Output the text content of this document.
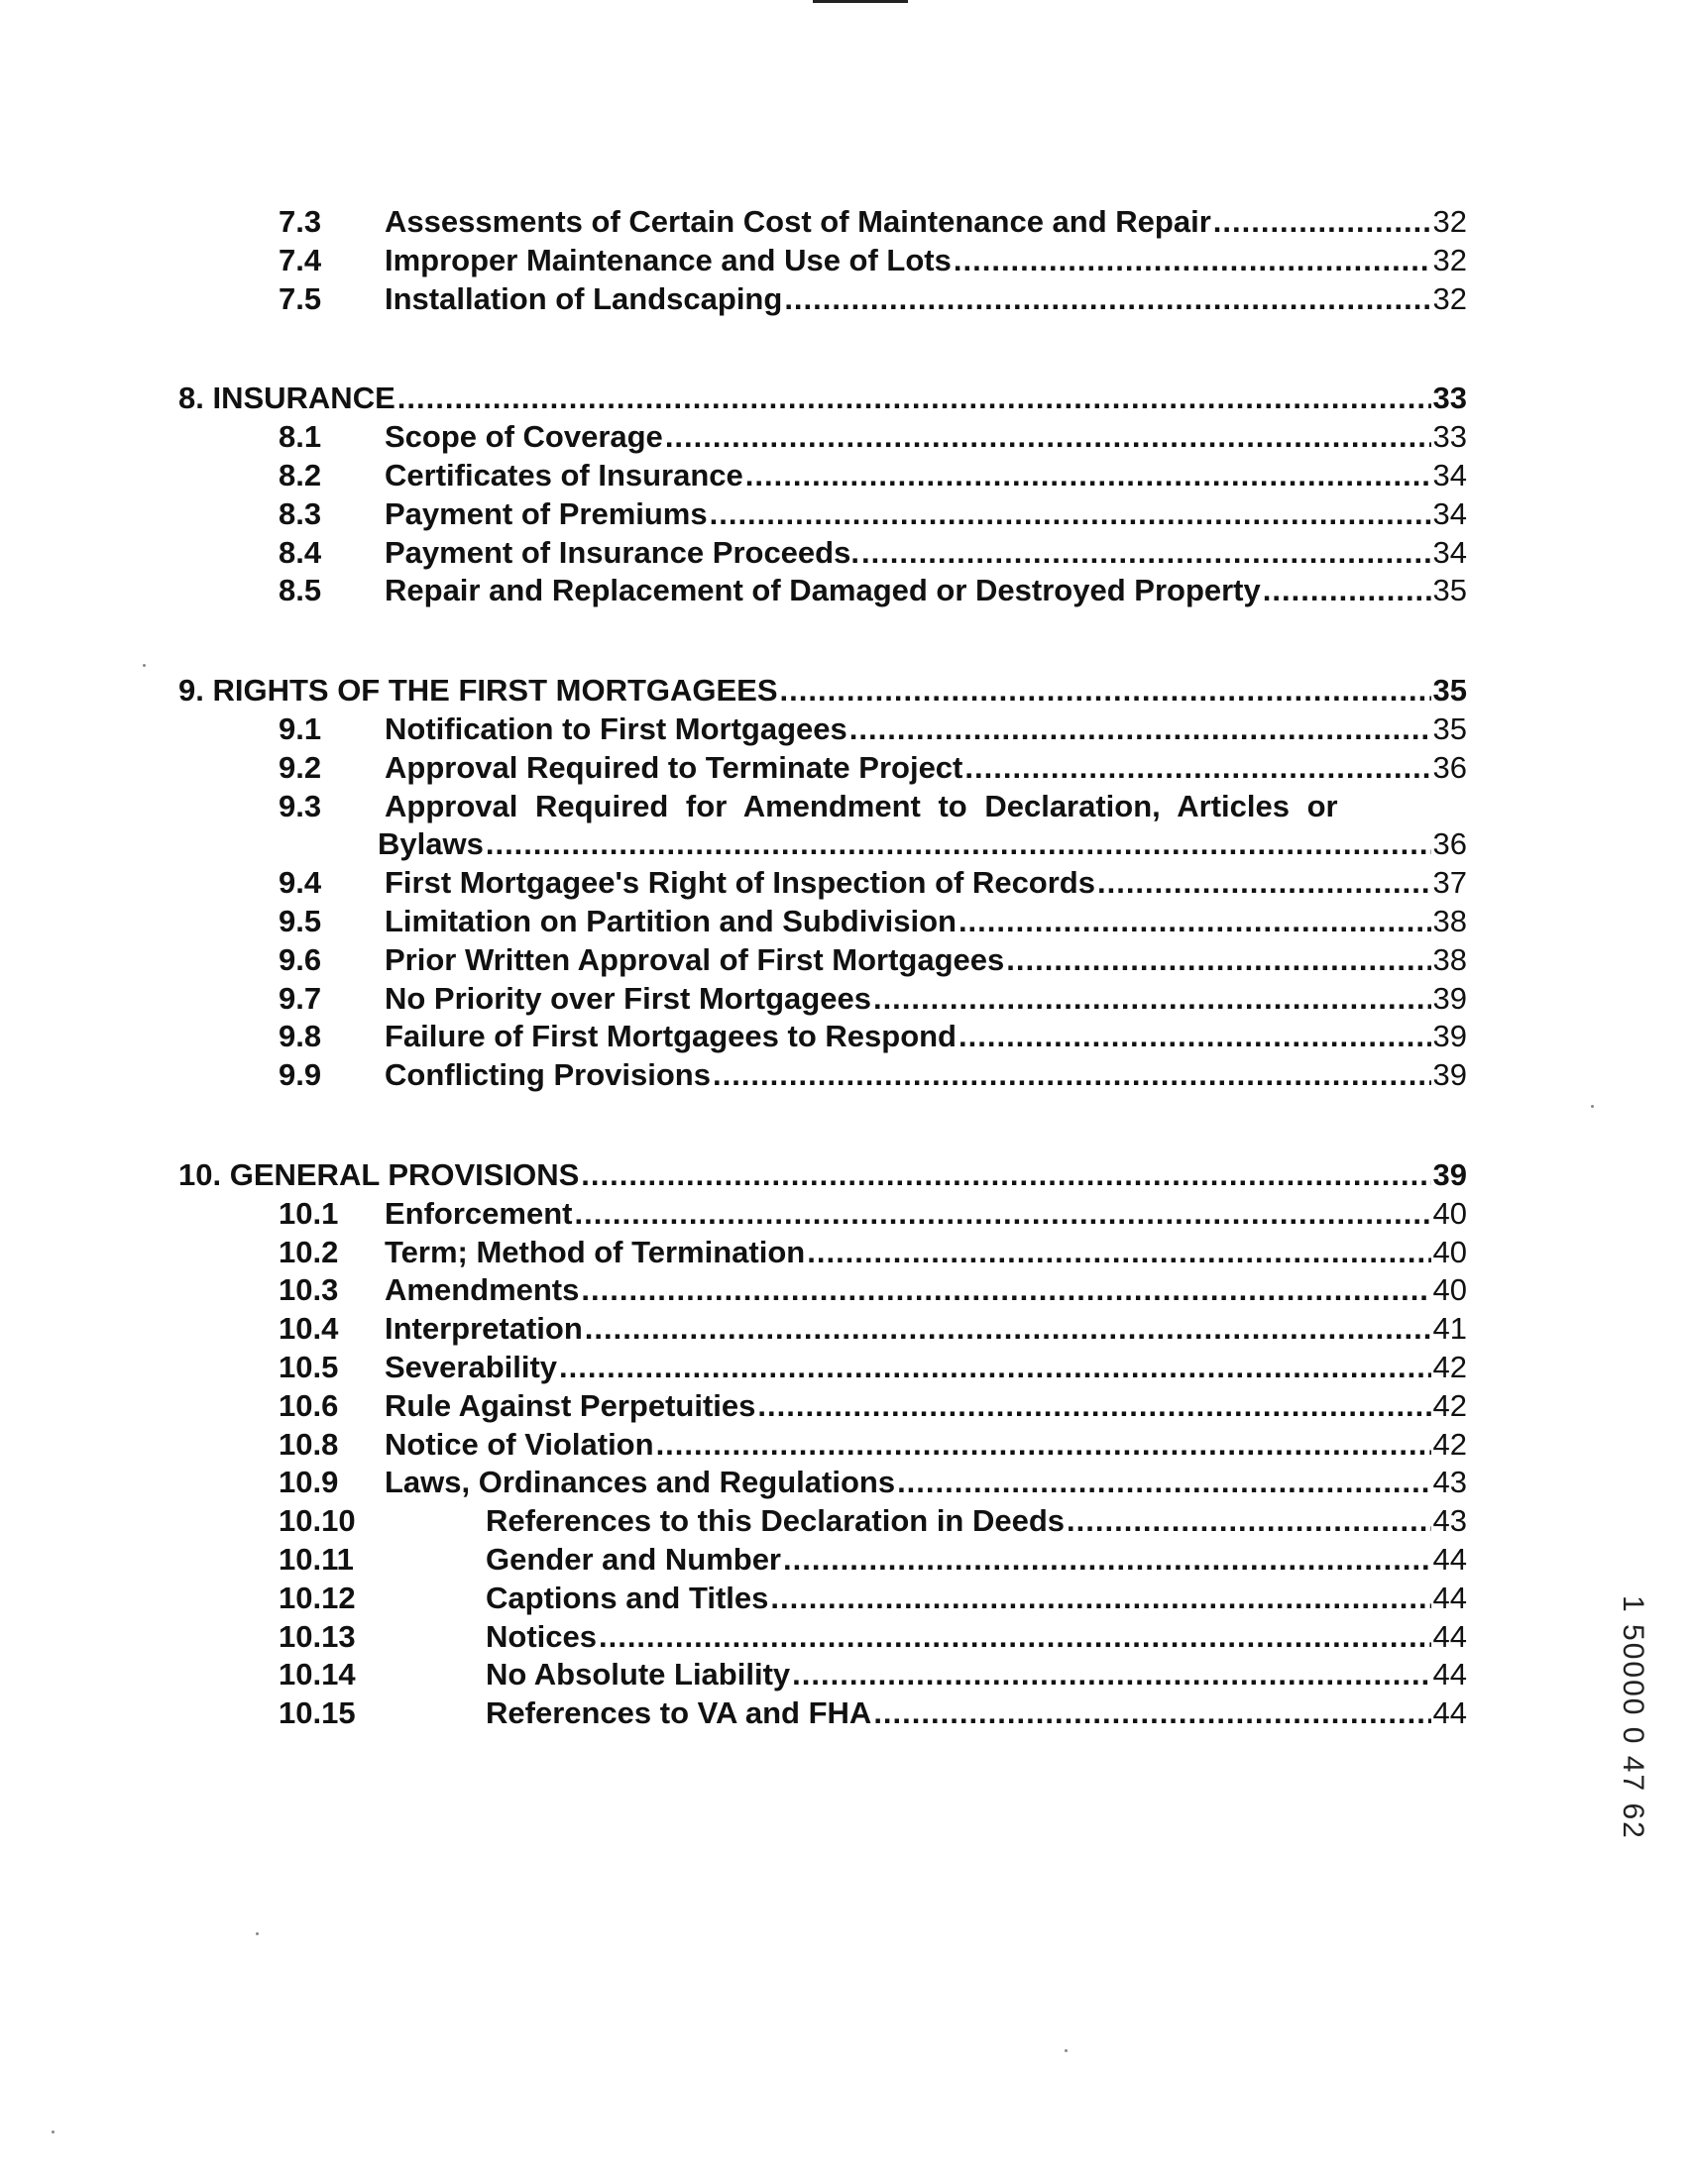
7.3 Assessments of Certain Cost of Maintenance and Repair .....	32
7.4 Improper Maintenance and Use of Lots .....	32
7.5 Installation of Landscaping .....	32
8. INSURANCE .....	33
8.1 Scope of Coverage .....	33
8.2 Certificates of Insurance .....	34
8.3 Payment of Premiums .....	34
8.4 Payment of Insurance Proceeds. .....	34
8.5 Repair and Replacement of Damaged or Destroyed Property .....	35
9. RIGHTS OF THE FIRST MORTGAGEES .....	35
9.1 Notification to First Mortgagees .....	35
9.2 Approval Required to Terminate Project .....	36
9.3 Approval Required for Amendment to Declaration, Articles or
Bylaws .....	36
9.4 First Mortgagee's Right of Inspection of Records .....	37
9.5 Limitation on Partition and Subdivision .....	38
9.6 Prior Written Approval of First Mortgagees .....	38
9.7 No Priority over First Mortgagees .....	39
9.8 Failure of First Mortgagees to Respond .....	39
9.9 Conflicting Provisions .....	39
10. GENERAL PROVISIONS .....	39
10.1 Enforcement .....	40
10.2 Term; Method of Termination .....	40
10.3 Amendments .....	40
10.4 Interpretation .....	41
10.5 Severability .....	42
10.6 Rule Against Perpetuities .....	42
10.8 Notice of Violation .....	42
10.9 Laws, Ordinances and Regulations .....	43
10.10	References to this Declaration in Deeds .....	43
10.11	Gender and Number .....	44
10.12	Captions and Titles .....	44
10.13	Notices .....	44
10.14	No Absolute Liability .....	44
10.15	References to VA and FHA .....	44	1 50000 0 47 62
